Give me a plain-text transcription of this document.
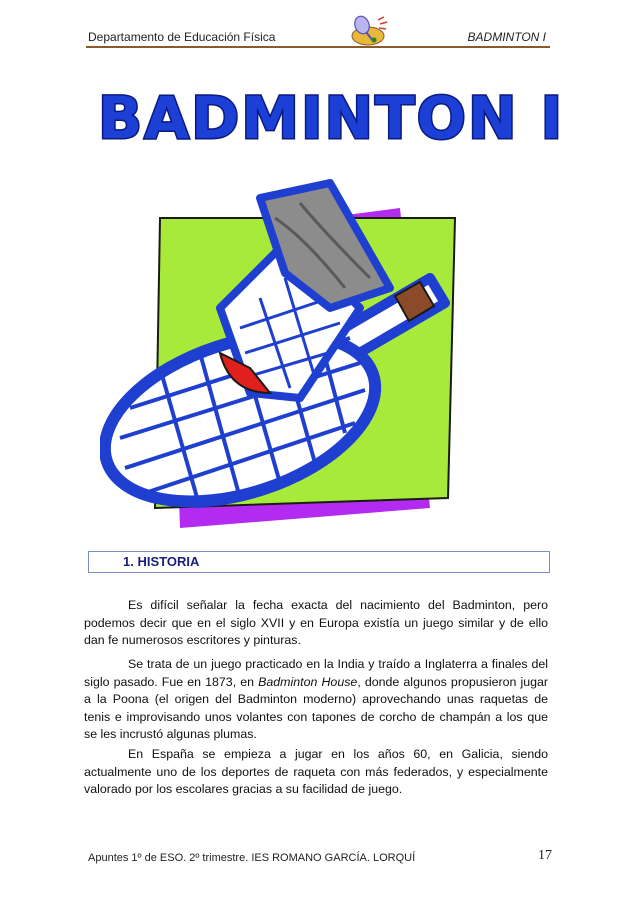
Departamento de Educación Física	BADMINTON I
BADMINTON I
1. HISTORIA

Es difícil señalar la fecha exacta del nacimiento del Badminton, pero podemos decir que en el siglo XVII y en Europa existía un juego similar y de ello dan fe numerosos escritores y pinturas.

Se trata de un juego practicado en la India y traído a Inglaterra a finales del siglo pasado. Fue en 1873, en Badminton House, donde algunos propusieron jugar a la Poona (el origen del Badminton moderno) aprovechando unas raquetas de tenis e improvisando unos volantes con tapones de corcho de champán a los que se les incrustó algunas plumas.

En España se empieza a jugar en los años 60, en Galicia, siendo actualmente uno de los deportes de raqueta con más federados, y especialmente valorado por los escolares gracias a su facilidad de juego.

Apuntes 1º de ESO. 2º trimestre. IES ROMANO GARCÍA. LORQUÍ	17
